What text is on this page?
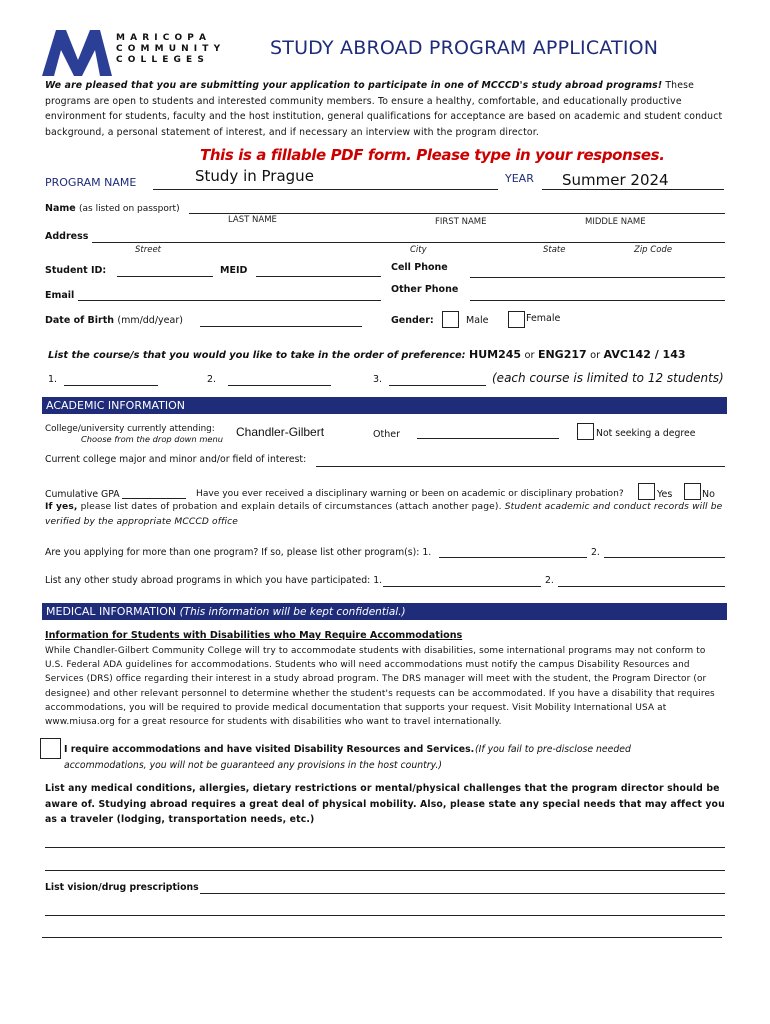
M A R I C O P A
C O M M U N I T Y
C O L L E G E S
STUDY ABROAD PROGRAM APPLICATION
We are pleased that you are submitting your application to participate in one of MCCCD's study abroad programs! These programs are open to students and interested community members. To ensure a healthy, comfortable, and educationally productive environment for students, faculty and the host institution, general qualifications for acceptance are based on academic and student conduct background, a personal statement of interest, and if necessary an interview with the program director.
This is a fillable PDF form. Please type in your responses.
PROGRAM NAME	Study in Prague	YEAR Summer 2024
Name (as listed on passport)
LAST NAME	FIRST NAME	MIDDLE NAME
Address
Street	City	State	Zip Code
Student ID:	MEID	Cell Phone
Email
Other Phone
Date of Birth (mm/dd/year)	Gender:	Male	Female
List the course/s that you would you like to take in the order of preference: HUM245 or ENG217 or AVC142 / 143
1.	2.	3.	(each course is limited to 12 students)
ACADEMIC INFORMATION
College/university currently attending:
Choose from the drop down menu Chandler-Gilbert	Other	Not seeking a degree
Current college major and minor and/or field of interest:
Cumulative GPA	Have you ever received a disciplinary warning or been on academic or disciplinary probation?	Yes	No
If yes, please list dates of probation and explain details of circumstances (attach another page). Student academic and conduct records will be verified by the appropriate MCCCD office
Are you applying for more than one program? If so, please list other program(s): 1.	2.
List any other study abroad programs in which you have participated: 1.	2.
MEDICAL INFORMATION (This information will be kept confidential.)
Information for Students with Disabilities who May Require Accommodations
While Chandler-Gilbert Community College will try to accommodate students with disabilities, some international programs may not conform to U.S. Federal ADA guidelines for accommodations. Students who will need accommodations must notify the campus Disability Resources and Services (DRS) office regarding their interest in a study abroad program. The DRS manager will meet with the student, the Program Director (or designee) and other relevant personnel to determine whether the student's requests can be accommodated. If you have a disability that requires accommodations, you will be required to provide medical documentation that supports your request. Visit Mobility International USA at www.miusa.org for a great resource for students with disabilities who want to travel internationally.
I require accommodations and have visited Disability Resources and Services. (If you fail to pre-disclose needed
accommodations, you will not be guaranteed any provisions in the host country.)
List any medical conditions, allergies, dietary restrictions or mental/physical challenges that the program director should be aware of. Studying abroad requires a great deal of physical mobility. Also, please state any special needs that may affect you as a traveler (lodging, transportation needs, etc.)
List vision/drug prescriptions
